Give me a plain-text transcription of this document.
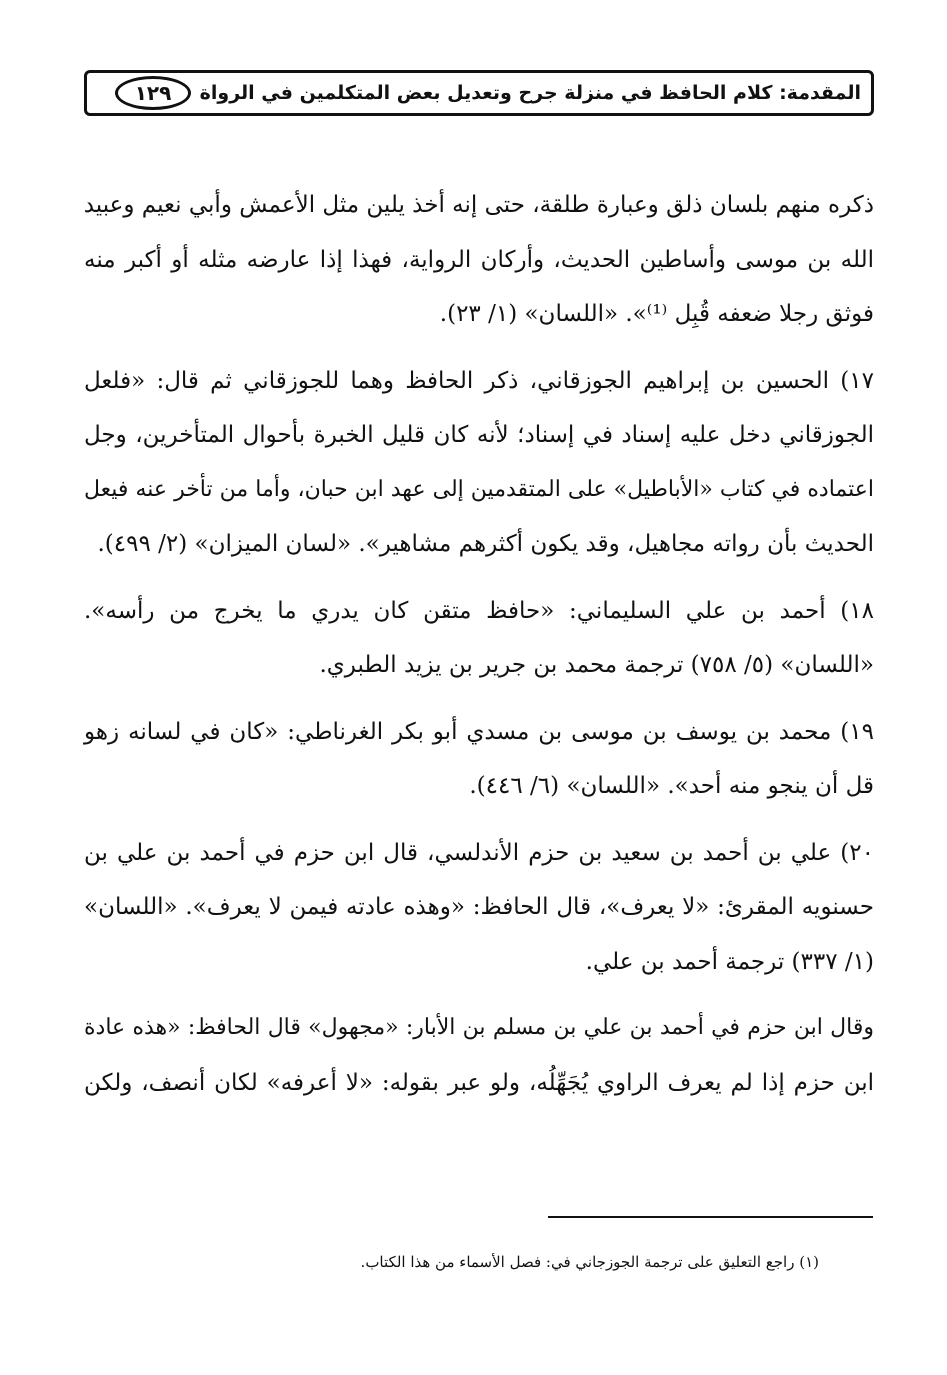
المقدمة: كلام الحافظ في منزلة جرح وتعديل بعض المتكلمين في الرواة
١٢٩

ذكره منهم بلسان ذلق وعبارة طلقة، حتى إنه أخذ يلين مثل الأعمش وأبي نعيم وعبيد
الله بن موسى وأساطين الحديث، وأركان الرواية، فهذا إذا عارضه مثله أو أكبر منه
فوثق رجلا ضعفه قُبِل ⁽¹⁾». «اللسان» (١/ ٢٣).

١٧) الحسين بن إبراهيم الجوزقاني، ذكر الحافظ وهما للجوزقاني ثم قال: «فلعل
الجوزقاني دخل عليه إسناد في إسناد؛ لأنه كان قليل الخبرة بأحوال المتأخرين، وجل
اعتماده في كتاب «الأباطيل» على المتقدمين إلى عهد ابن حبان، وأما من تأخر عنه فيعل
الحديث بأن رواته مجاهيل، وقد يكون أكثرهم مشاهير». «لسان الميزان» (٢/ ٤٩٩).

١٨) أحمد بن علي السليماني: «حافظ متقن كان يدري ما يخرج من رأسه».
«اللسان» (٥/ ٧٥٨) ترجمة محمد بن جرير بن يزيد الطبري.

١٩) محمد بن يوسف بن موسى بن مسدي أبو بكر الغرناطي: «كان في لسانه زهو
قل أن ينجو منه أحد». «اللسان» (٦/ ٤٤٦).

٢٠) علي بن أحمد بن سعيد بن حزم الأندلسي، قال ابن حزم في أحمد بن علي بن
حسنويه المقرئ: «لا يعرف»، قال الحافظ: «وهذه عادته فيمن لا يعرف». «اللسان»
(١/ ٣٣٧) ترجمة أحمد بن علي.

وقال ابن حزم في أحمد بن علي بن مسلم بن الأبار: «مجهول» قال الحافظ: «هذه عادة
ابن حزم إذا لم يعرف الراوي يُجَهِّلُه، ولو عبر بقوله: «لا أعرفه» لكان أنصف، ولكن

(١) راجع التعليق على ترجمة الجوزجاني في: فصل الأسماء من هذا الكتاب.
